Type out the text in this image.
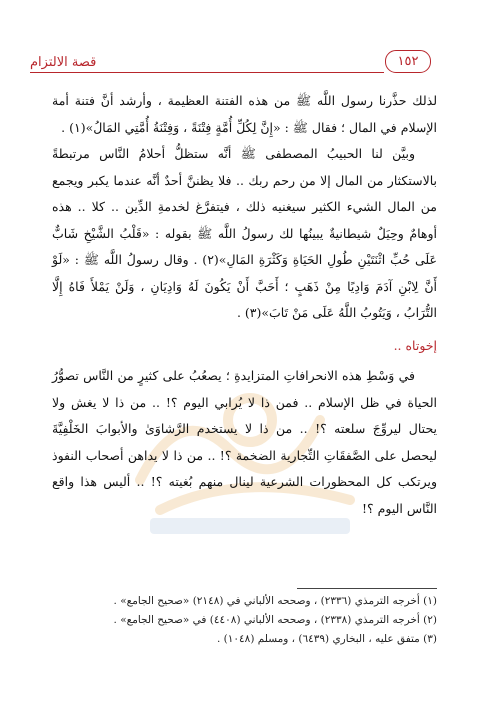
قصة الالتزام	١٥٢

لذلك حذَّرنا رسول اللَّه ﷺ من هذه الفتنة العظيمة ، وأرشد أنَّ فتنة أمة الإسلام في المال ؛ فقال ﷺ : «إِنَّ لِكُلِّ أُمَّةٍ فِتْنَةً ، وَفِتْنَةُ أُمَّتِي المَالُ»(١) .

وبيَّن لنا الحبيبُ المصطفى ﷺ أنَّه ستظلُّ أحلامُ النَّاس مرتبطةً بالاستكثار من المال إلا من رحم ربك .. فلا يظننَّ أحدٌ أنَّه عندما يكبر ويجمع من المال الشيء الكثير سيغنيه ذلك ، فيتفرَّغ لخدمةِ الدِّين .. كلا .. هذه أوهامٌ وحِيَلٌ شيطانيةٌ يبينُها لك رسولُ اللَّه ﷺ بقوله : «قَلْبُ الشَّيْخِ شَابٌّ عَلَى حُبِّ اثْنَتَيْنِ طُولِ الحَيَاةِ وَكَثْرَةِ المَالِ»(٢) . وقال رسولُ اللَّه ﷺ : «لَوْ أَنَّ لِابْنِ آدَمَ وَادِيًا مِنْ ذَهَبٍ ؛ أَحَبَّ أَنْ يَكُونَ لَهُ وَادِيَانِ ، وَلَنْ يَمْلأَ فَاهُ إِلَّا التُّرَابُ ، وَيَتُوبُ اللَّهُ عَلَى مَنْ تَابَ»(٣) .

إخوتاه ..

في وَسْطِ هذه الانحرافاتِ المتزايدةِ ؛ يصعُبُ على كثيرٍ من النَّاس تصوُّرُ الحياة في ظل الإسلام .. فمن ذا لا يُرابي اليوم ؟! .. من ذا لا يغش ولا يحتال ليروِّجَ سلعته ؟! .. من ذا لا يستخدم الرَّشاوَىٰ والأبوابَ الخَلْفِيَّةَ ليحصل على الصَّفقَاتِ التِّجارية الضخمة ؟! .. من ذا لا يداهن أصحاب النفوذ ويرتكب كل المحظورات الشرعية لينال منهم بُغيته ؟! .. أليس هذا واقع النَّاس اليوم ؟!

(١) أخرجه الترمذي (٢٣٣٦) ، وصححه الألباني في (٢١٤٨) «صحيح الجامع» .
(٢) أخرجه الترمذي (٢٣٣٨) ، وصححه الألباني (٤٤٠٨) في «صحيح الجامع» .
(٣) متفق عليه ، البخاري (٦٤٣٩) ، ومسلم (١٠٤٨) .
